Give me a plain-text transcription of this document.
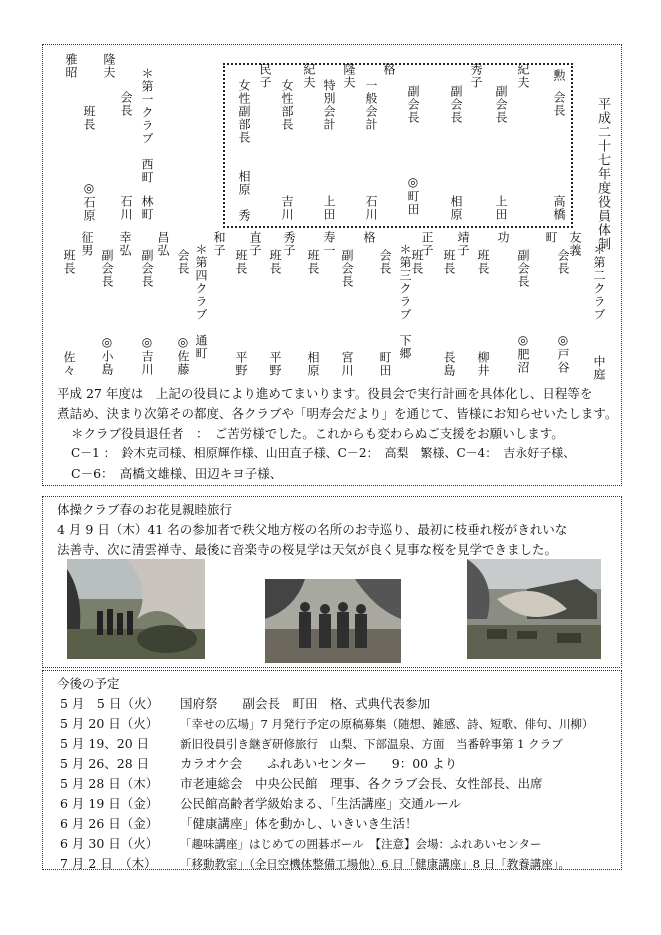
平成二十七年度役員体制
勲
会長
高橋
紀夫
副会長
上田
秀子
副会長
相原
副会長
◎町田
格
一般会計
石川
隆夫
特別会計
上田
紀夫
女性部長
吉川
民子
女性副部長
相原　秀
＊第一クラブ　西町
林町
隆夫
会長
石川
雅昭
班長
◎石原
＊第二クラブ
中庭
友義
会長
◎戸谷
町
副会長
◎肥沼
功
班長
柳井
靖子
班長
長島
正子
班長
＊第三クラブ　下郷
格
会長
町田
副会長
宮川
寿一
班長
相原
秀子
班長
平野
直子
班長
平野
和子
＊第四クラブ　通町
会長
◎佐藤
昌弘
副会長
◎吉川
幸弘
副会長
◎小島
征男
班長
佐々
平成 27 年度は　上記の役員により進めてまいります。役員会で実行計画を具体化し、日程等を
煮詰め、決まり次第その都度、各クラブや「明寿会だより」を通じて、皆様にお知らせいたします。
＊クラブ役員退任者　：　ご苦労様でした。これからも変わらぬご支援をお願いします。
C－1 ：　鈴木克司様、相原輝作様、山田直子様、C－2：　高梨　繁様、C－4：　吉永好子様、
C－6：　高橋文雄様、田辺キヨ子様、
体操クラブ春のお花見親睦旅行
4 月 9 日（木）41 名の参加者で秩父地方桜の名所のお寺巡り、最初に枝垂れ桜がきれいな
法善寺、次に清雲禅寺、最後に音楽寺の桜見学は天気が良く見事な桜を見学できました。
今後の予定
5 月　5 日（火） 国府祭　　副会長　町田　格、式典代表参加
5 月 20 日（火） 「幸せの広場」7 月発行予定の原稿募集（随想、雑感、詩、短歌、俳句、川柳）
5 月 19、20 日	新旧役員引き継ぎ研修旅行　山梨、下部温泉、方面　当番幹事第 1 クラブ
5 月 26、28 日 カラオケ会　　ふれあいセンター　　9：00 より
5 月 28 日（木） 市老連総会　中央公民館　理事、各クラブ会長、女性部長、出席
6 月 19 日（金） 公民館高齢者学級始まる、「生活講座」交通ルール
6 月 26 日（金） 「健康講座」体を動かし、いきいき生活！
6 月 30 日（火） 「趣味講座」はじめての囲碁ボール　【注意】会場：ふれあいセンター
7 月 2 日　（木） 「移動教室」（全日空機体整備工場他）6 日「健康講座」8 日「教養講座」。
